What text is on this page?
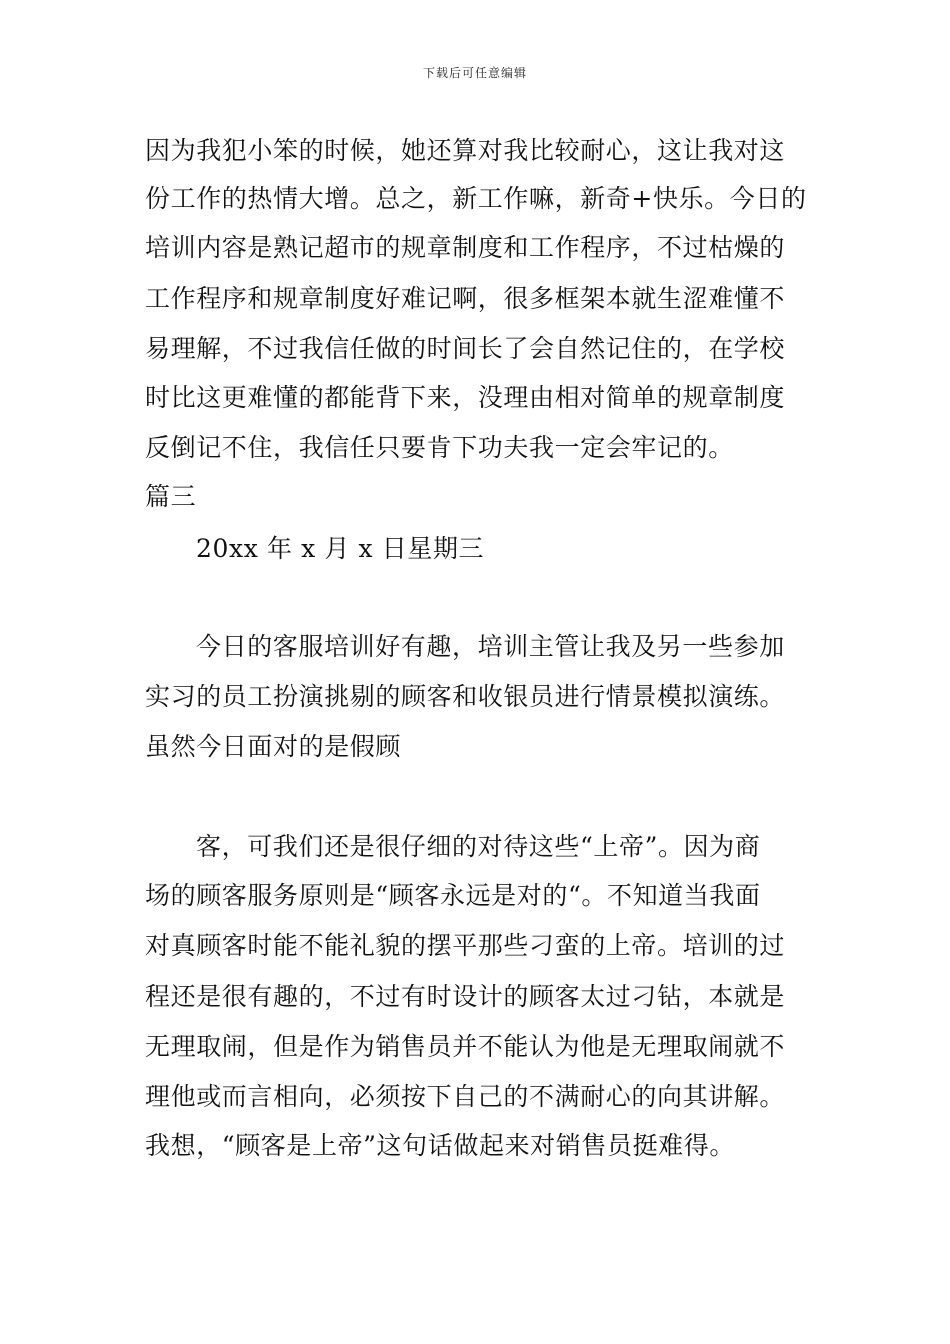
下载后可任意编辑
因为我犯小笨的时候，她还算对我比较耐心，这让我对这
份工作的热情大增。总之，新工作嘛，新奇+快乐。今日的
培训内容是熟记超市的规章制度和工作程序，不过枯燥的
工作程序和规章制度好难记啊，很多框架本就生涩难懂不
易理解，不过我信任做的时间长了会自然记住的，在学校
时比这更难懂的都能背下来，没理由相对简单的规章制度
反倒记不住，我信任只要肯下功夫我一定会牢记的。
篇三
20xx 年 x 月 x 日星期三
今日的客服培训好有趣，培训主管让我及另一些参加
实习的员工扮演挑剔的顾客和收银员进行情景模拟演练。
虽然今日面对的是假顾
客，可我们还是很仔细的对待这些“上帝”。因为商
场的顾客服务原则是“顾客永远是对的“。不知道当我面
对真顾客时能不能礼貌的摆平那些刁蛮的上帝。培训的过
程还是很有趣的，不过有时设计的顾客太过刁钻，本就是
无理取闹，但是作为销售员并不能认为他是无理取闹就不
理他或而言相向，必须按下自己的不满耐心的向其讲解。
我想，“顾客是上帝”这句话做起来对销售员挺难得。
